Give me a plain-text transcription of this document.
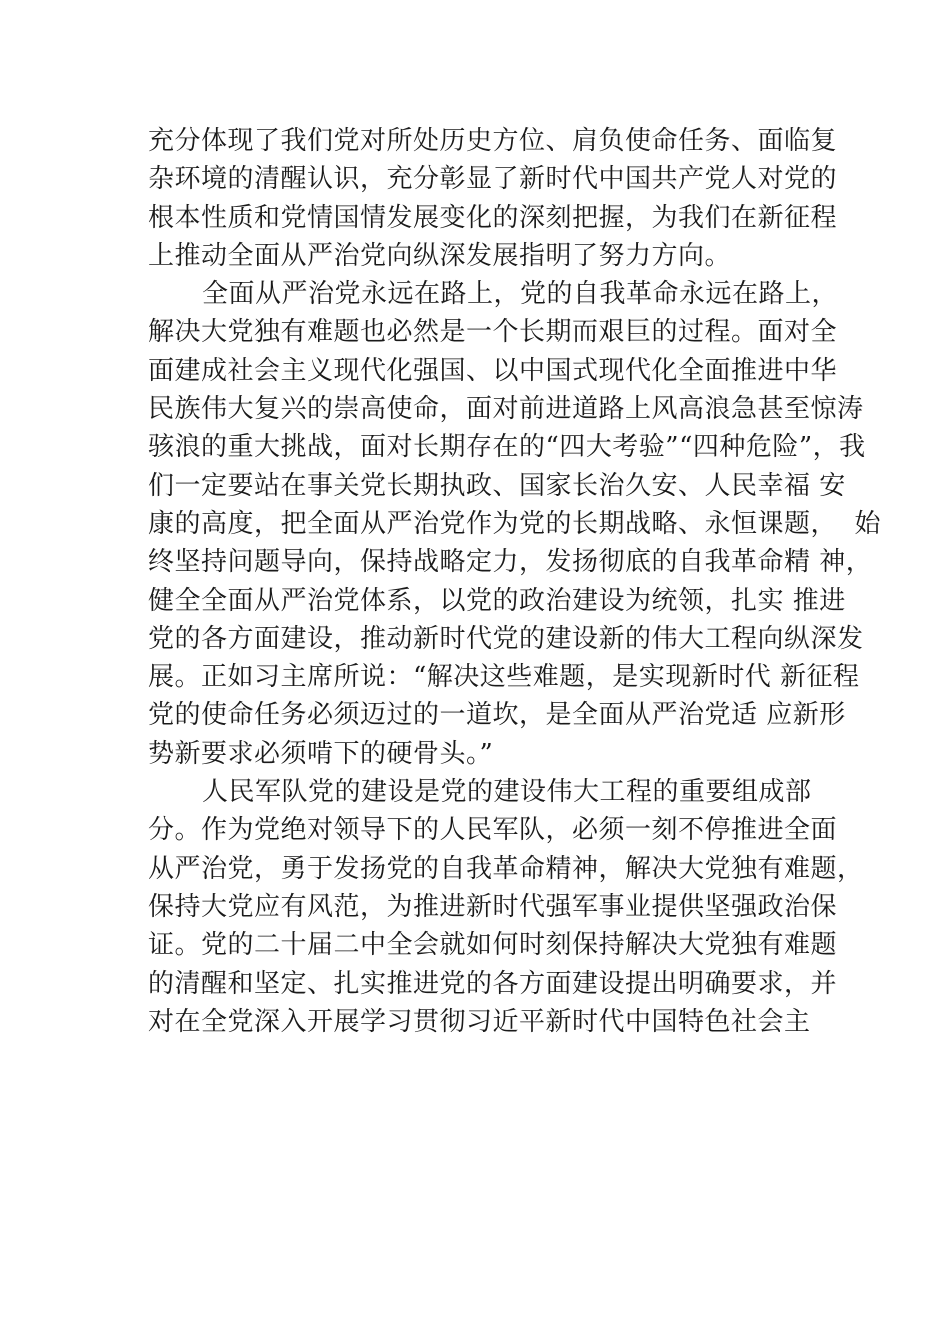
充分体现了我们党对所处历史方位、肩负使命任务、面临复
杂环境的清醒认识，充分彰显了新时代中国共产党人对党的
根本性质和党情国情发展变化的深刻把握，为我们在新征程
上推动全面从严治党向纵深发展指明了努力方向。
全面从严治党永远在路上，党的自我革命永远在路上，
解决大党独有难题也必然是一个长期而艰巨的过程。面对全
面建成社会主义现代化强国、以中国式现代化全面推进中华
民族伟大复兴的崇高使命，面对前进道路上风高浪急甚至惊涛
骇浪的重大挑战，面对长期存在的“四大考验”“四种危险”，我
们一定要站在事关党长期执政、国家长治久安、人民幸福 安
康的高度，把全面从严治党作为党的长期战略、永恒课题，  始
终坚持问题导向，保持战略定力，发扬彻底的自我革命精 神，
健全全面从严治党体系，以党的政治建设为统领，扎实 推进
党的各方面建设，推动新时代党的建设新的伟大工程向纵深发
展。正如习主席所说：“解决这些难题，是实现新时代 新征程
党的使命任务必须迈过的一道坎，是全面从严治党适 应新形
势新要求必须啃下的硬骨头。”
人民军队党的建设是党的建设伟大工程的重要组成部
分。作为党绝对领导下的人民军队，必须一刻不停推进全面
从严治党，勇于发扬党的自我革命精神，解决大党独有难题，
保持大党应有风范，为推进新时代强军事业提供坚强政治保
证。党的二十届二中全会就如何时刻保持解决大党独有难题
的清醒和坚定、扎实推进党的各方面建设提出明确要求，并
对在全党深入开展学习贯彻习近平新时代中国特色社会主
